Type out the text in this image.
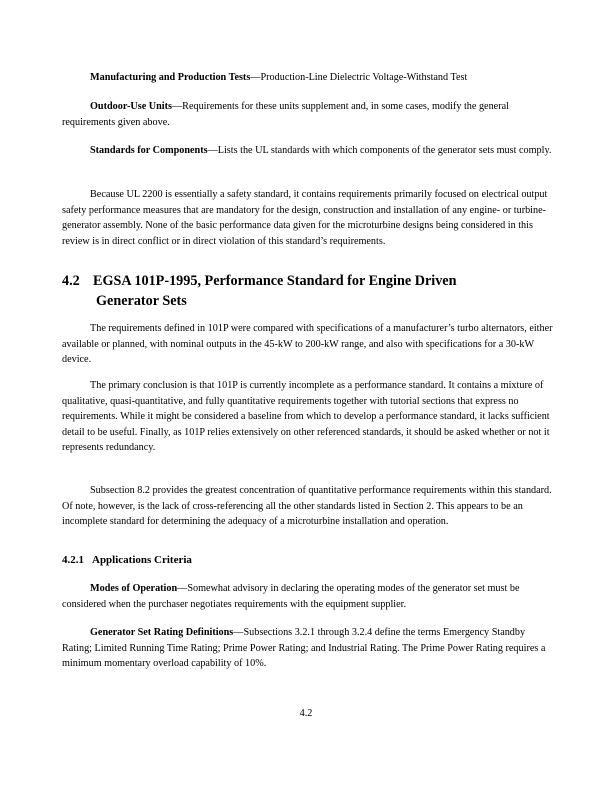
Manufacturing and Production Tests—Production-Line Dielectric Voltage-Withstand Test

Outdoor-Use Units—Requirements for these units supplement and, in some cases, modify the general requirements given above.

Standards for Components—Lists the UL standards with which components of the generator sets must comply.

Because UL 2200 is essentially a safety standard, it contains requirements primarily focused on electrical output safety performance measures that are mandatory for the design, construction and installation of any engine- or turbine-generator assembly. None of the basic performance data given for the microturbine designs being considered in this review is in direct conflict or in direct violation of this standard’s requirements.

4.2 EGSA 101P-1995, Performance Standard for Engine Driven
Generator Sets

The requirements defined in 101P were compared with specifications of a manufacturer’s turbo alternators, either available or planned, with nominal outputs in the 45-kW to 200-kW range, and also with specifications for a 30-kW device.

The primary conclusion is that 101P is currently incomplete as a performance standard. It contains a mixture of qualitative, quasi-quantitative, and fully quantitative requirements together with tutorial sections that express no requirements. While it might be considered a baseline from which to develop a performance standard, it lacks sufficient detail to be useful. Finally, as 101P relies extensively on other referenced standards, it should be asked whether or not it represents redundancy.

Subsection 8.2 provides the greatest concentration of quantitative performance requirements within this standard. Of note, however, is the lack of cross-referencing all the other standards listed in Section 2. This appears to be an incomplete standard for determining the adequacy of a microturbine installation and operation.

4.2.1 Applications Criteria

Modes of Operation—Somewhat advisory in declaring the operating modes of the generator set must be considered when the purchaser negotiates requirements with the equipment supplier.

Generator Set Rating Definitions—Subsections 3.2.1 through 3.2.4 define the terms Emergency Standby Rating; Limited Running Time Rating; Prime Power Rating; and Industrial Rating. The Prime Power Rating requires a minimum momentary overload capability of 10%.

4.2
